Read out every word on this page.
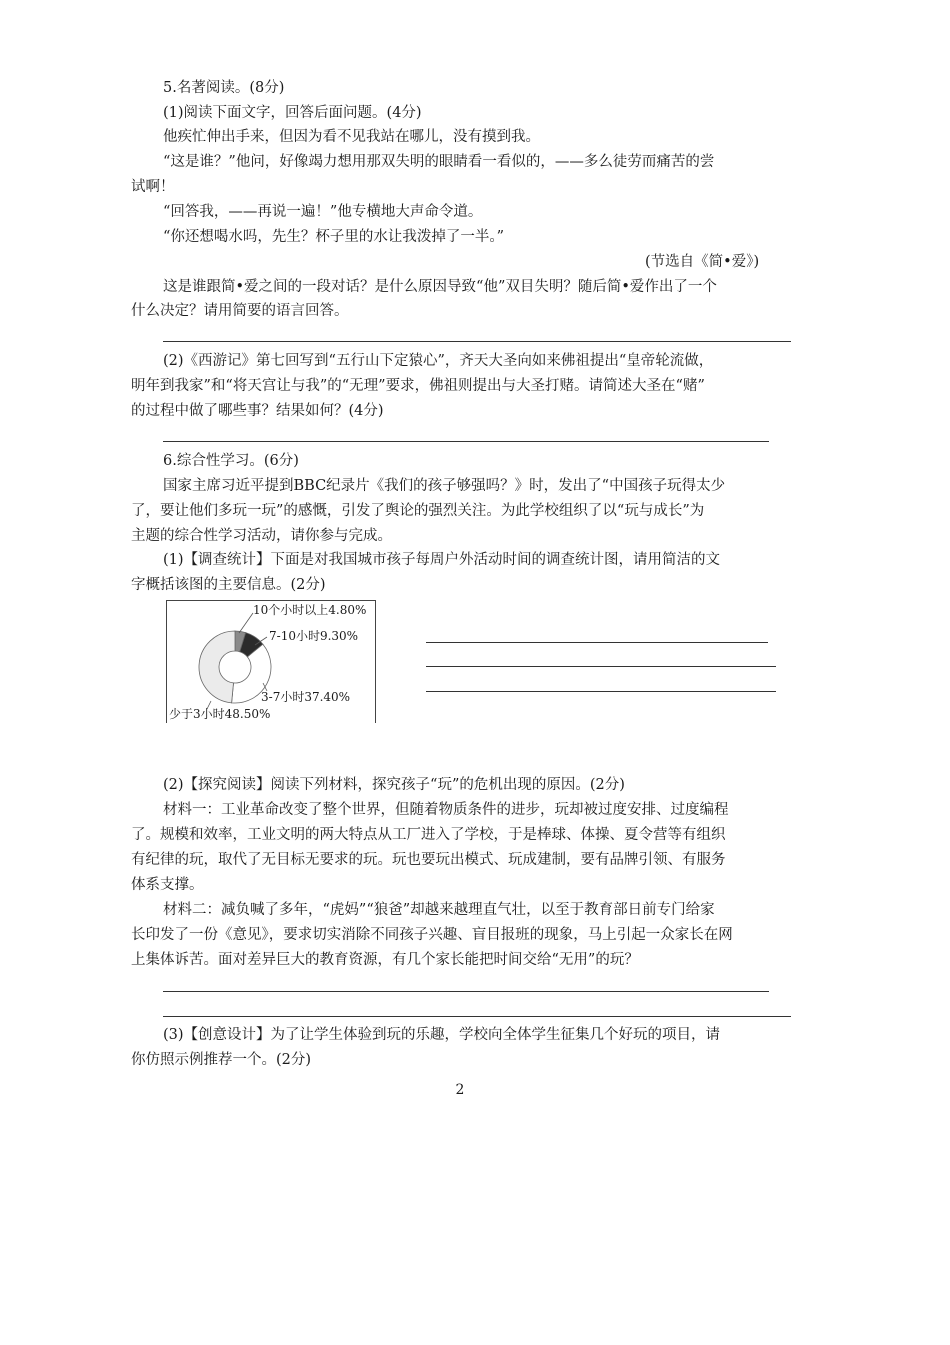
5.名著阅读。(8分)
(1)阅读下面文字，回答后面问题。(4分)
他疾忙伸出手来，但因为看不见我站在哪儿，没有摸到我。
“这是谁？”他问，好像竭力想用那双失明的眼睛看一看似的，——多么徒劳而痛苦的尝
试啊！
“回答我，——再说一遍！”他专横地大声命令道。
“你还想喝水吗，先生？杯子里的水让我泼掉了一半。”
(节选自《简•爱》)
这是谁跟简•爱之间的一段对话？是什么原因导致“他”双目失明？随后简•爱作出了一个
什么决定？请用简要的语言回答。
(2)《西游记》第七回写到“五行山下定猿心”，齐天大圣向如来佛祖提出“皇帝轮流做，
明年到我家”和“将天宫让与我”的“无理”要求，佛祖则提出与大圣打赌。请简述大圣在“赌”
的过程中做了哪些事？结果如何？(4分)
6.综合性学习。(6分)
国家主席习近平提到BBC纪录片《我们的孩子够强吗？》时，发出了“中国孩子玩得太少
了，要让他们多玩一玩”的感慨，引发了舆论的强烈关注。为此学校组织了以“玩与成长”为
主题的综合性学习活动，请你参与完成。
(1)【调查统计】下面是对我国城市孩子每周户外活动时间的调查统计图，请用简洁的文
字概括该图的主要信息。(2分)
10个小时以上4.80%
7-10小时9.30%
3-7小时37.40%
少于3小时48.50%
(2)【探究阅读】阅读下列材料，探究孩子“玩”的危机出现的原因。(2分)
材料一：工业革命改变了整个世界，但随着物质条件的进步，玩却被过度安排、过度编程
了。规模和效率，工业文明的两大特点从工厂进入了学校，于是棒球、体操、夏令营等有组织
有纪律的玩，取代了无目标无要求的玩。玩也要玩出模式、玩成建制，要有品牌引领、有服务
体系支撑。
材料二：减负喊了多年，“虎妈”“狼爸”却越来越理直气壮，以至于教育部日前专门给家
长印发了一份《意见》，要求切实消除不同孩子兴趣、盲目报班的现象，马上引起一众家长在网
上集体诉苦。面对差异巨大的教育资源，有几个家长能把时间交给“无用”的玩？
(3)【创意设计】为了让学生体验到玩的乐趣，学校向全体学生征集几个好玩的项目，请
你仿照示例推荐一个。(2分)
2
